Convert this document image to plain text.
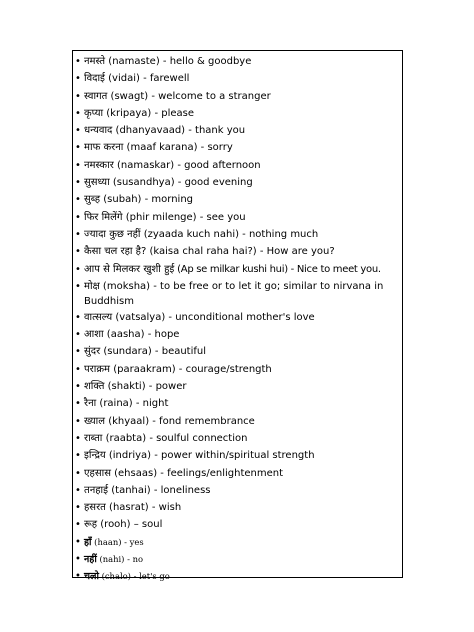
• नमस्ते (namaste) - hello & goodbye
• विदाई (vidai) - farewell
• स्वागत (swagt) - welcome to a stranger
• कृप्या (kripaya) - please
• धन्यवाद (dhanyavaad) - thank you
• माफ करना (maaf karana) - sorry
• नमस्कार (namaskar) - good afternoon
• सुसध्या (susandhya) - good evening
• सुब्ह (subah) - morning
• फिर मिलेंगे (phir milenge) - see you
• ज्यादा कुछ नहीं (zyaada kuch nahi) - nothing much
• कैसा चल रहा है? (kaisa chal raha hai?) - How are you?
• आप से मिलकर खुशी हुई (Ap se milkar kushi hui) - Nice to meet you.
• मोक्ष (moksha) - to be free or to let it go; similar to nirvana in Buddhism
• वात्सल्य (vatsalya) - unconditional mother's love
• आशा (aasha) - hope
• सुंदर (sundara) - beautiful
• पराक्रम (paraakram) - courage/strength
• शक्ति (shakti) - power
• रैना (raina) - night
• ख्याल (khyaal) - fond remembrance
• राब्ता (raabta) - soulful connection
• इन्द्रिय (indriya) - power within/spiritual strength
• एहसास (ehsaas) - feelings/enlightenment
• तनहाई (tanhai) - loneliness
• हसरत (hasrat) - wish
• रूह (rooh) – soul
• हाँ (haan) - yes
• नहीं (nahi) - no
• चलो (chalo) - let's go
